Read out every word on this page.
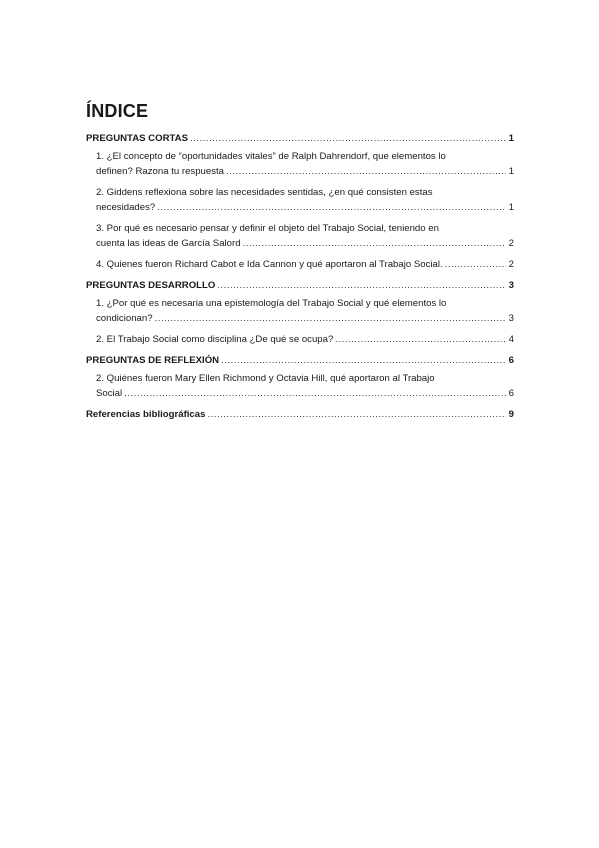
ÍNDICE
PREGUNTAS CORTAS .....	1
1. ¿El concepto de “oportunidades vitales” de Ralph Dahrendorf, que elementos lo
definen? Razona tu respuesta .....	1
2. Giddens reflexiona sobre las necesidades sentidas, ¿en qué consisten estas
necesidades? .....	1
3. Por qué es necesario pensar y definir el objeto del Trabajo Social, teniendo en
cuenta las ideas de García Salord .....	2
4. Quienes fueron Richard Cabot e Ida Cannon y qué aportaron al Trabajo Social. .....	2
PREGUNTAS DESARROLLO .....	3
1. ¿Por qué es necesaria una epistemología del Trabajo Social y qué elementos lo
condicionan? .....	3
2. El Trabajo Social como disciplina ¿De qué se ocupa? .....	4
PREGUNTAS DE REFLEXIÓN .....	6
2. Quiénes fueron Mary Ellen Richmond y Octavia Hill, qué aportaron al Trabajo
Social .....	6
Referencias bibliográficas .....	9
